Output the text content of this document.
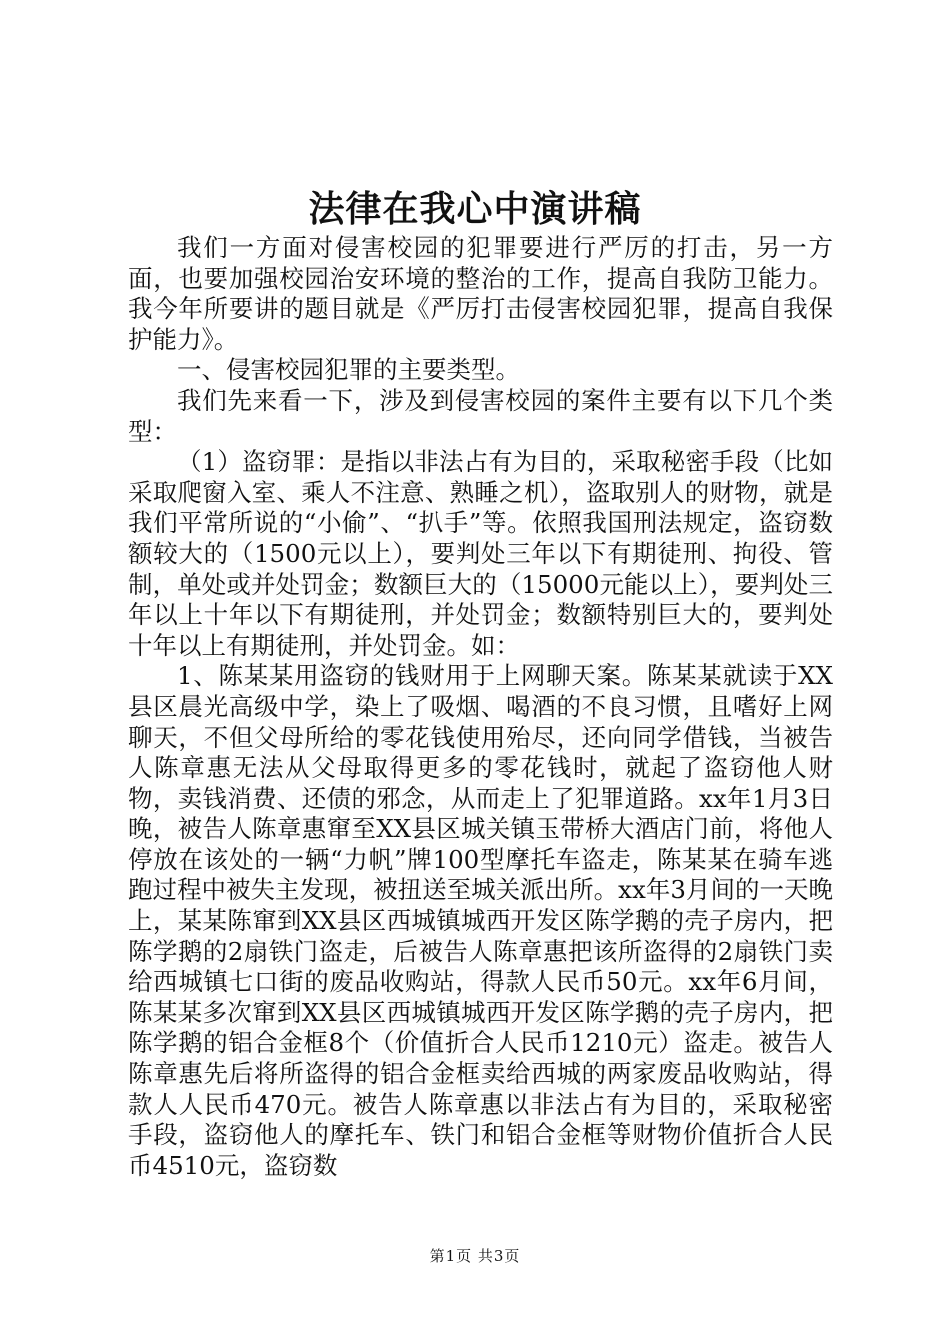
法律在我心中演讲稿

我们一方面对侵害校园的犯罪要进行严厉的打击，另一方面，也要加强校园治安环境的整治的工作，提高自我防卫能力。我今年所要讲的题目就是《严厉打击侵害校园犯罪，提高自我保护能力》。

一、侵害校园犯罪的主要类型。

我们先来看一下，涉及到侵害校园的案件主要有以下几个类型：

（1）盗窃罪：是指以非法占有为目的，采取秘密手段（比如采取爬窗入室、乘人不注意、熟睡之机），盗取别人的财物，就是我们平常所说的“小偷”、“扒手”等。依照我国刑法规定，盗窃数额较大的（1500元以上），要判处三年以下有期徒刑、拘役、管制，单处或并处罚金；数额巨大的（15000元能以上），要判处三年以上十年以下有期徒刑，并处罚金；数额特别巨大的，要判处十年以上有期徒刑，并处罚金。如：

1、陈某某用盗窃的钱财用于上网聊天案。陈某某就读于XX县区晨光高级中学，染上了吸烟、喝酒的不良习惯，且嗜好上网聊天，不但父母所给的零花钱使用殆尽，还向同学借钱，当被告人陈章惠无法从父母取得更多的零花钱时，就起了盗窃他人财物，卖钱消费、还债的邪念，从而走上了犯罪道路。xx年1月3日晚，被告人陈章惠窜至XX县区城关镇玉带桥大酒店门前，将他人停放在该处的一辆“力帆”牌100型摩托车盗走，陈某某在骑车逃跑过程中被失主发现，被扭送至城关派出所。xx年3月间的一天晚上，某某陈窜到XX县区西城镇城西开发区陈学鹅的壳子房内，把陈学鹅的2扇铁门盗走，后被告人陈章惠把该所盗得的2扇铁门卖给西城镇七口街的废品收购站，得款人民币50元。xx年6月间，陈某某多次窜到XX县区西城镇城西开发区陈学鹅的壳子房内，把陈学鹅的铝合金框8个（价值折合人民币1210元）盗走。被告人陈章惠先后将所盗得的铝合金框卖给西城的两家废品收购站，得款人人民币470元。被告人陈章惠以非法占有为目的，采取秘密手段，盗窃他人的摩托车、铁门和铝合金框等财物价值折合人民币4510元，盗窃数

第1页 共3页
